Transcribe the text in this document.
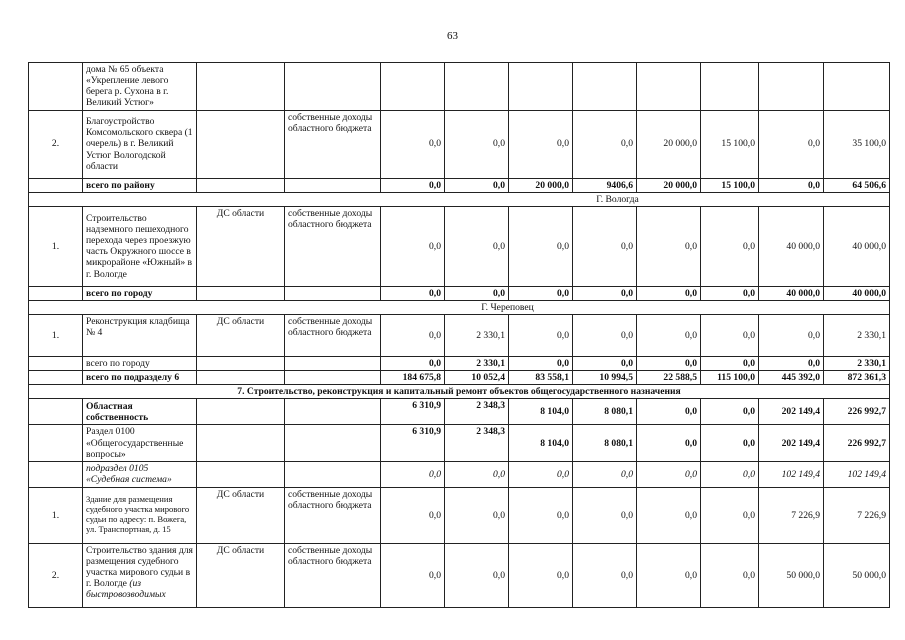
63
	дома № 65 объекта «Укрепление левого берега р. Сухона в г. Великий Устюг»										
2.	Благоустройство Комсомольского сквера (1 очерель) в г. Великий Устюг Вологодской области		собственные доходы областного бюджета	0,0	0,0	0,0	0,0	20 000,0	15 100,0	0,0	35 100,0
	всего по району			0,0	0,0	20 000,0	9406,6	20 000,0	15 100,0	0,0	64 506,6
Г. Вологда											
1.	Строительство надземного пешеходного перехода через проезжую часть Окружного шоссе в микрорайоне «Южный» в г. Вологде	ДС области	собственные доходы областного бюджета	0,0	0,0	0,0	0,0	0,0	0,0	40 000,0	40 000,0
	всего по городу			0,0	0,0	0,0	0,0	0,0	0,0	40 000,0	40 000,0
Г. Череповец											
1.	Реконструкция кладбища № 4	ДС области	собственные доходы областного бюджета	0,0	2 330,1	0,0	0,0	0,0	0,0	0,0	2 330,1
	всего по городу			0,0	2 330,1	0,0	0,0	0,0	0,0	0,0	2 330,1
	всего по подразделу 6			184 675,8	10 052,4	83 558,1	10 994,5	22 588,5	115 100,0	445 392,0	872 361,3
7. Строительство, реконструкция и капитальный ремонт объектов общегосударственного назначения											
	Областная собственность			6 310,9	2 348,3	8 104,0	8 080,1	0,0	0,0	202 149,4	226 992,7
	Раздел 0100 «Общегосударственные вопросы»			6 310,9	2 348,3	8 104,0	8 080,1	0,0	0,0	202 149,4	226 992,7
	подраздел 0105 «Судебная система»			0,0	0,0	0,0	0,0	0,0	0,0	102 149,4	102 149,4
1.	Здание для размещения судебного участка мирового судьи по адресу: п. Вожега, ул. Транспортная, д. 15	ДС области	собственные доходы областного бюджета	0,0	0,0	0,0	0,0	0,0	0,0	7 226,9	7 226,9
2.	Строительство здания для размещения судебного участка мирового судьи в г. Вологде (из быстровозводимых	ДС области	собственные доходы областного бюджета	0,0	0,0	0,0	0,0	0,0	0,0	50 000,0	50 000,0
